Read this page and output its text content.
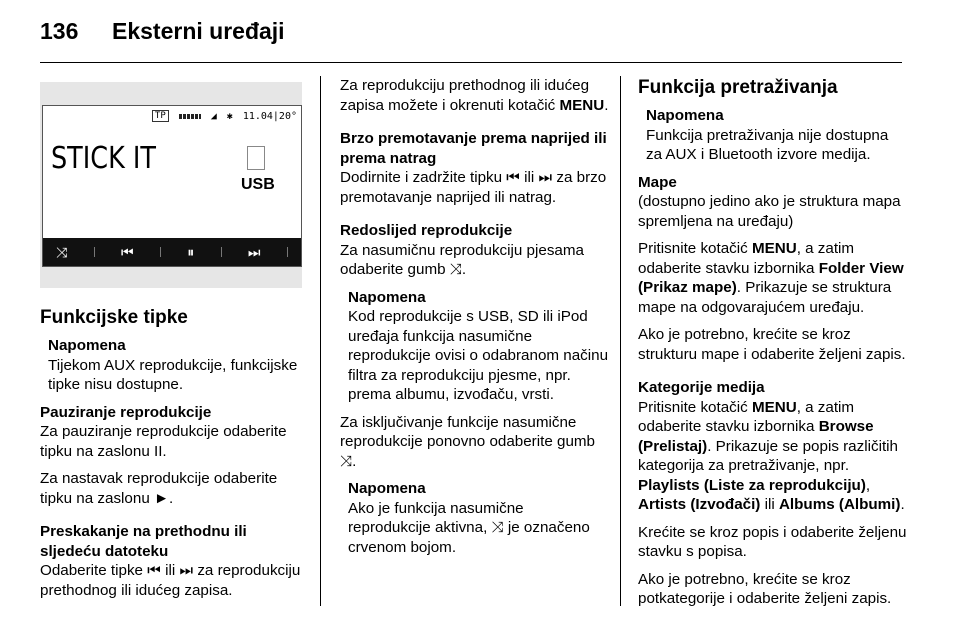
136 Eksterni uređaji
TP	◢ ✱ 11.04|20°
STICK IT
USB
⤨	⏮	⏸	⏭
Funkcijske tipke
Napomena
Tijekom AUX reprodukcije, funkcijske tipke nisu dostupne.

Pauziranje reprodukcije

Za pauziranje reprodukcije odaberite tipku na zaslonu II.

Za nastavak reprodukcije odaberite tipku na zaslonu ►.

Preskakanje na prethodnu ili sljedeću datoteku

Odaberite tipke ⏮ ili ⏭ za reprodukciju prethodnog ili idućeg zapisa.

Za reprodukciju prethodnog ili idućeg zapisa možete i okrenuti kotačić MENU.

Brzo premotavanje prema naprijed ili prema natrag

Dodirnite i zadržite tipku ⏮ ili ⏭ za brzo premotavanje naprijed ili natrag.

Redoslijed reprodukcije

Za nasumičnu reprodukciju pjesama odaberite gumb ⤨.

Napomena
Kod reprodukcije s USB, SD ili iPod uređaja funkcija nasumične reprodukcije ovisi o odabranom načinu filtra za reprodukciju pjesme, npr. prema albumu, izvođaču, vrsti.

Za isključivanje funkcije nasumične reprodukcije ponovno odaberite gumb ⤨.

Napomena
Ako je funkcija nasumične reprodukcije aktivna, ⤨ je označeno crvenom bojom.
Funkcija pretraživanja
Napomena
Funkcija pretraživanja nije dostupna za AUX i Bluetooth izvore medija.

Mape

(dostupno jedino ako je struktura mapa spremljena na uređaju)

Pritisnite kotačić MENU, a zatim odaberite stavku izbornika Folder View (Prikaz mape). Prikazuje se struktura mape na odgovarajućem uređaju.

Ako je potrebno, krećite se kroz strukturu mape i odaberite željeni zapis.

Kategorije medija

Pritisnite kotačić MENU, a zatim odaberite stavku izbornika Browse (Prelistaj). Prikazuje se popis različitih kategorija za pretraživanje, npr. Playlists (Liste za reprodukciju), Artists (Izvođači) ili Albums (Albumi).

Krećite se kroz popis i odaberite željenu stavku s popisa.

Ako je potrebno, krećite se kroz potkategorije i odaberite željeni zapis.
